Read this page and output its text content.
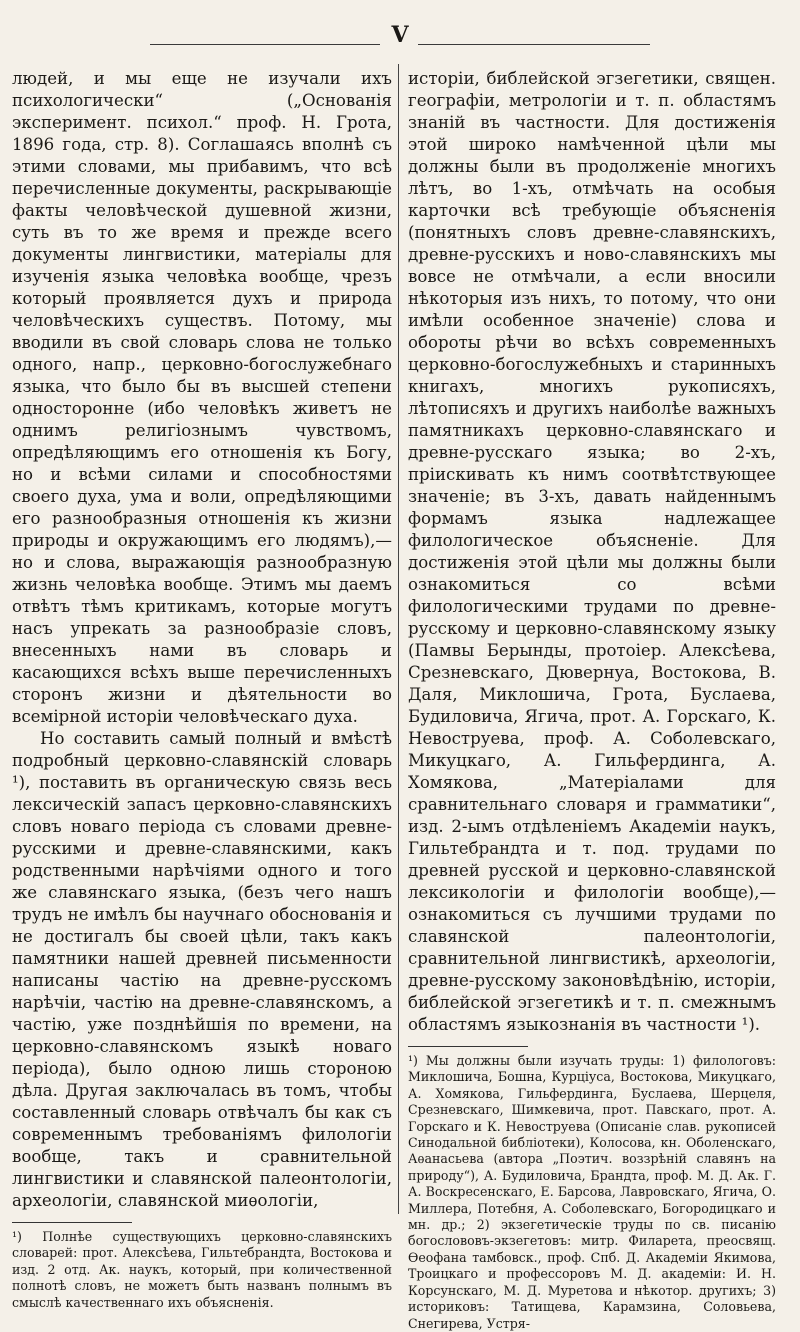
V

людей, и мы еще не изучали ихъ психологически“ („Основанія эксперимент. психол.“ проф. Н. Грота, 1896 года, стр. 8). Соглашаясь вполнѣ съ этими словами, мы прибавимъ, что всѣ перечисленные документы, раскрывающіе факты человѣческой душевной жизни, суть въ то же время и прежде всего документы лингвистики, матеріалы для изученія языка человѣка вообще, чрезъ который проявляется духъ и природа человѣческихъ существъ. Потому, мы вводили въ свой словарь слова не только одного, напр., церковно-богослужебнаго языка, что было бы въ высшей степени односторонне (ибо человѣкъ живетъ не однимъ религіознымъ чувствомъ, опредѣляющимъ его отношенія къ Богу, но и всѣми силами и способностями своего духа, ума и воли, опредѣляющими его разнообразныя отношенія къ жизни природы и окружающимъ его людямъ),—но и слова, выражающія разнообразную жизнь человѣка вообще. Этимъ мы даемъ отвѣтъ тѣмъ критикамъ, которые могутъ насъ упрекать за разнообразіе словъ, внесенныхъ нами въ словарь и касающихся всѣхъ выше перечисленныхъ сторонъ жизни и дѣятельности во всемірной исторіи человѣческаго духа.

Но составить самый полный и вмѣстѣ подробный церковно-славянскій словарь ¹), поставить въ органическую связь весь лексическій запасъ церковно-славянскихъ словъ новаго періода съ словами древне-русскими и древне-славянскими, какъ родственными нарѣчіями одного и того же славянскаго языка, (безъ чего нашъ трудъ не имѣлъ бы научнаго обоснованія и не достигалъ бы своей цѣли, такъ какъ памятники нашей древней письменности написаны частію на древне-русскомъ нарѣчіи, частію на древне-славянскомъ, а частію, уже позднѣйшія по времени, на церковно-славянскомъ языкѣ новаго періода), было одною лишь стороною дѣла. Другая заключалась въ томъ, чтобы составленный словарь отвѣчалъ бы как съ современнымъ требованіямъ филологіи вообще, такъ и сравнительной лингвистики и славянской палеонтологіи, археологіи, славянской миѳологіи,

¹) Полнѣе существующихъ церковно-славянскихъ словарей: прот. Алексѣева, Гильтебрандта, Востокова и изд. 2 отд. Ак. наукъ, который, при количественной полнотѣ словъ, не можетъ быть названъ полнымъ въ смыслѣ качественнаго ихъ объясненія.

исторіи, библейской эгзегетики, священ. географіи, метрологіи и т. п. областямъ знаній въ частности. Для достиженія этой широко намѣченной цѣли мы должны были въ продолженіе многихъ лѣтъ, во 1-хъ, отмѣчать на особыя карточки всѣ требующіе объясненія (понятныхъ словъ древне-славянскихъ, древне-русскихъ и ново-славянскихъ мы вовсе не отмѣчали, а если вносили нѣкоторыя изъ нихъ, то потому, что они имѣли особенное значеніе) слова и обороты рѣчи во всѣхъ современныхъ церковно-богослужебныхъ и старинныхъ книгахъ, многихъ рукописяхъ, лѣтописяхъ и другихъ наиболѣе важныхъ памятникахъ церковно-славянскаго и древне-русскаго языка; во 2-хъ, пріискивать къ нимъ соотвѣтствующее значеніе; въ 3-хъ, давать найденнымъ формамъ языка надлежащее филологическое объясненіе. Для достиженія этой цѣли мы должны были ознакомиться со всѣми филологическими трудами по древне-русскому и церковно-славянскому языку (Памвы Берынды, протоіер. Алексѣева, Срезневскаго, Дювернуа, Востокова, В. Даля, Миклошича, Грота, Буслаева, Будиловича, Ягича, прот. А. Горскаго, К. Невоструева, проф. А. Соболевскаго, Микуцкаго, А. Гильфердинга, А. Хомякова, „Матеріалами для сравнительнаго словаря и грамматики“, изд. 2-ымъ отдѣленіемъ Академіи наукъ, Гильтебрандта и т. под. трудами по древней русской и церковно-славянской лексикологіи и филологіи вообще),—ознакомиться съ лучшими трудами по славянской палеонтологіи, сравнительной лингвистикѣ, археологіи, древне-русскому законовѣдѣнію, исторіи, библейской эгзегетикѣ и т. п. смежнымъ областямъ языкознанія въ частности ¹).

¹) Мы должны были изучать труды: 1) филологовъ: Миклошича, Бошна, Курціуса, Востокова, Микуцкаго, А. Хомякова, Гильфердинга, Буслаева, Шерцеля, Срезневскаго, Шимкевича, прот. Павскаго, прот. А. Горскаго и К. Невоструева (Описаніе слав. рукописей Синодальной библіотеки), Колосова, кн. Оболенскаго, Аѳанасьева (автора „Поэтич. воззрѣній славянъ на природу“), А. Будиловича, Брандта, проф. М. Д. Ак. Г. А. Воскресенскаго, Е. Барсова, Лавровскаго, Ягича, О. Миллера, Потебня, А. Соболевскаго, Богородицкаго и мн. др.; 2) экзегетическіе труды по св. писанію богослововъ-экзегетовъ: митр. Филарета, преосвящ. Ѳеофана тамбовск., проф. Спб. Д. Академіи Якимова, Троицкаго и профессоровъ М. Д. академіи: И. Н. Корсунскаго, М. Д. Муретова и нѣкотор. другихъ; 3) историковъ: Татищева, Карамзина, Соловьева, Снегирева, Устря-
